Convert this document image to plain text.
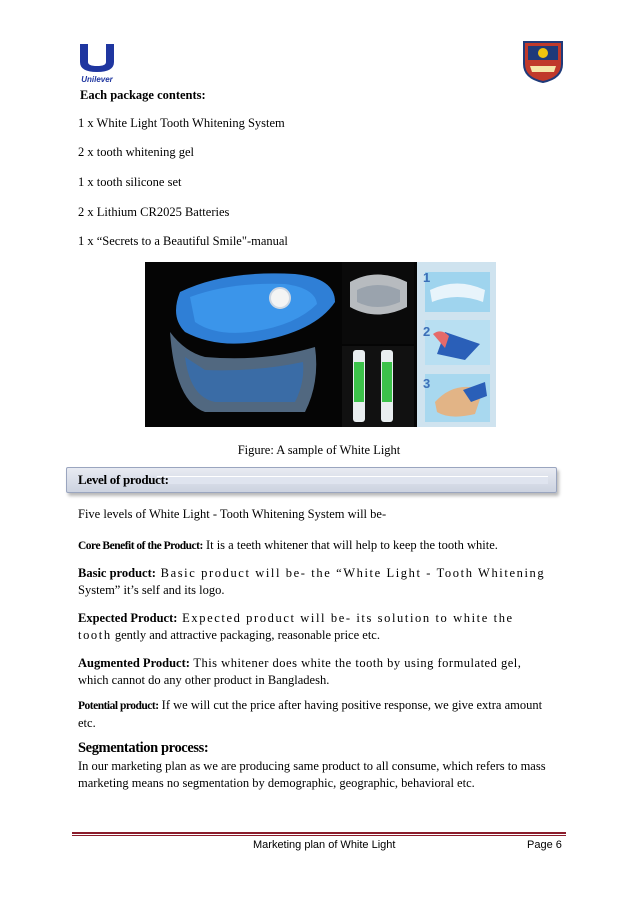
Unilever
Each package contents:
1 x White Light Tooth Whitening System
2 x tooth whitening gel
1 x tooth silicone set
2 x Lithium CR2025 Batteries
1 x “Secrets to a Beautiful Smile"-manual
1
2
3
Figure: A sample of White Light
Level of product:
Five levels of White Light - Tooth Whitening System will be-
Core Benefit of the Product: It is a teeth whitener that will help to keep the tooth white.
Basic product: Basic product will be- the “White Light - Tooth Whitening
System” it’s self and its logo.
Expected Product: Expected product will be- its solution to white the
tooth gently and attractive packaging, reasonable price etc.
Augmented Product: This whitener does white the tooth by using formulated gel,
which cannot do any other product in Bangladesh.
Potential product: If we will cut the price after having positive response, we give extra amount
etc.
Segmentation process:
In our marketing plan as we are producing same product to all consume, which refers to mass
marketing means no segmentation by demographic, geographic, behavioral etc.
Marketing plan of White Light	Page 6
